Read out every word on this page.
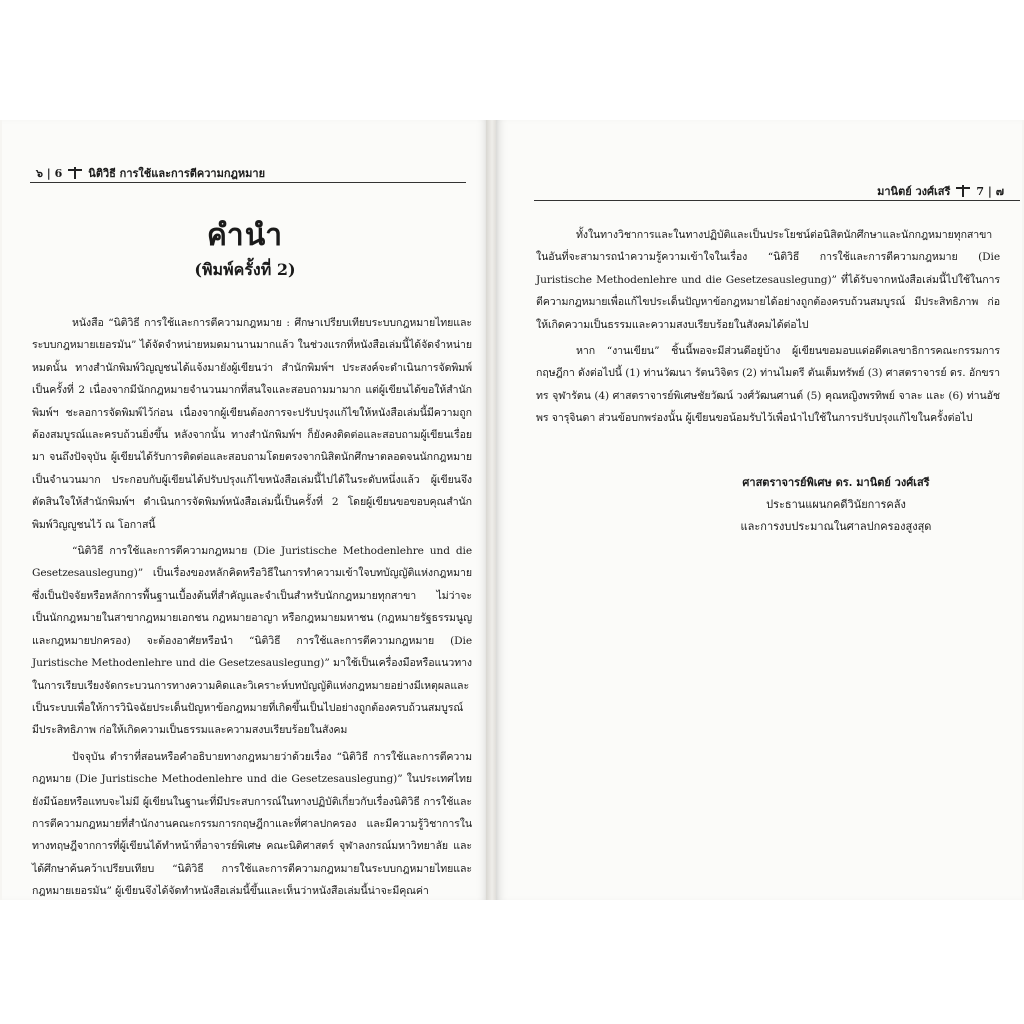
๖ | 6 นิติวิธี การใช้และการตีความกฎหมาย
คำนำ
(พิมพ์ครั้งที่ 2)

หนังสือ “นิติวิธี การใช้และการตีความกฎหมาย : ศึกษาเปรียบเทียบระบบกฎหมายไทยและระบบกฎหมายเยอรมัน” ได้จัดจำหน่ายหมดมานานมากแล้ว ในช่วงแรกที่หนังสือเล่มนี้ได้จัดจำหน่ายหมดนั้น ทางสำนักพิมพ์วิญญูชนได้แจ้งมายังผู้เขียนว่า สำนักพิมพ์ฯ ประสงค์จะดำเนินการจัดพิมพ์เป็นครั้งที่ 2 เนื่องจากมีนักกฎหมายจำนวนมากที่สนใจและสอบถามมามาก แต่ผู้เขียนได้ขอให้สำนักพิมพ์ฯ ชะลอการจัดพิมพ์ไว้ก่อน เนื่องจากผู้เขียนต้องการจะปรับปรุงแก้ไขให้หนังสือเล่มนี้มีความถูกต้องสมบูรณ์และครบถ้วนยิ่งขึ้น หลังจากนั้น ทางสำนักพิมพ์ฯ ก็ยังคงติดต่อและสอบถามผู้เขียนเรื่อยมา จนถึงปัจจุบัน ผู้เขียนได้รับการติดต่อและสอบถามโดยตรงจากนิสิตนักศึกษาตลอดจนนักกฎหมายเป็นจำนวนมาก ประกอบกับผู้เขียนได้ปรับปรุงแก้ไขหนังสือเล่มนี้ไปได้ในระดับหนึ่งแล้ว ผู้เขียนจึงตัดสินใจให้สำนักพิมพ์ฯ ดำเนินการจัดพิมพ์หนังสือเล่มนี้เป็นครั้งที่ 2 โดยผู้เขียนขอขอบคุณสำนักพิมพ์วิญญูชนไว้ ณ โอกาสนี้

“นิติวิธี การใช้และการตีความกฎหมาย (Die Juristische Methodenlehre und die Gesetzesauslegung)” เป็นเรื่องของหลักคิดหรือวิธีในการทำความเข้าใจบทบัญญัติแห่งกฎหมาย ซึ่งเป็นปัจจัยหรือหลักการพื้นฐานเบื้องต้นที่สำคัญและจำเป็นสำหรับนักกฎหมายทุกสาขา ไม่ว่าจะเป็นนักกฎหมายในสาขากฎหมายเอกชน กฎหมายอาญา หรือกฎหมายมหาชน (กฎหมายรัฐธรรมนูญและกฎหมายปกครอง) จะต้องอาศัยหรือนำ “นิติวิธี การใช้และการตีความกฎหมาย (Die Juristische Methodenlehre und die Gesetzesauslegung)” มาใช้เป็นเครื่องมือหรือแนวทางในการเรียบเรียงจัดกระบวนการทางความคิดและวิเคราะห์บทบัญญัติแห่งกฎหมายอย่างมีเหตุผลและเป็นระบบเพื่อให้การวินิจฉัยประเด็นปัญหาข้อกฎหมายที่เกิดขึ้นเป็นไปอย่างถูกต้องครบถ้วนสมบูรณ์ มีประสิทธิภาพ ก่อให้เกิดความเป็นธรรมและความสงบเรียบร้อยในสังคม

ปัจจุบัน ตำราที่สอนหรือคำอธิบายทางกฎหมายว่าด้วยเรื่อง “นิติวิธี การใช้และการตีความกฎหมาย (Die Juristische Methodenlehre und die Gesetzesauslegung)” ในประเทศไทยยังมีน้อยหรือแทบจะไม่มี ผู้เขียนในฐานะที่มีประสบการณ์ในทางปฏิบัติเกี่ยวกับเรื่องนิติวิธี การใช้และการตีความกฎหมายที่สำนักงานคณะกรรมการกฤษฎีกาและที่ศาลปกครอง และมีความรู้วิชาการในทางทฤษฎีจากการที่ผู้เขียนได้ทำหน้าที่อาจารย์พิเศษ คณะนิติศาสตร์ จุฬาลงกรณ์มหาวิทยาลัย และได้ศึกษาค้นคว้าเปรียบเทียบ “นิติวิธี การใช้และการตีความกฎหมายในระบบกฎหมายไทยและกฎหมายเยอรมัน” ผู้เขียนจึงได้จัดทำหนังสือเล่มนี้ขึ้นและเห็นว่าหนังสือเล่มนี้น่าจะมีคุณค่า

มานิตย์ วงศ์เสรี 7 | ๗

ทั้งในทางวิชาการและในทางปฏิบัติและเป็นประโยชน์ต่อนิสิตนักศึกษาและนักกฎหมายทุกสาขา ในอันที่จะสามารถนำความรู้ความเข้าใจในเรื่อง “นิติวิธี การใช้และการตีความกฎหมาย (Die Juristische Methodenlehre und die Gesetzesauslegung)” ที่ได้รับจากหนังสือเล่มนี้ไปใช้ในการตีความกฎหมายเพื่อแก้ไขประเด็นปัญหาข้อกฎหมายได้อย่างถูกต้องครบถ้วนสมบูรณ์ มีประสิทธิภาพ ก่อให้เกิดความเป็นธรรมและความสงบเรียบร้อยในสังคมได้ต่อไป

หาก “งานเขียน” ชิ้นนี้พอจะมีส่วนดีอยู่บ้าง ผู้เขียนขอมอบแด่อดีตเลขาธิการคณะกรรมการกฤษฎีกา ดังต่อไปนี้ (1) ท่านวัฒนา รัตนวิจิตร (2) ท่านไมตรี ตันเต็มทรัพย์ (3) ศาสตราจารย์ ดร. อักขราทร จุฬารัตน (4) ศาสตราจารย์พิเศษชัยวัฒน์ วงศ์วัฒนศานต์ (5) คุณหญิงพรทิพย์ จาละ และ (6) ท่านอัชพร จารุจินดา ส่วนข้อบกพร่องนั้น ผู้เขียนขอน้อมรับไว้เพื่อนำไปใช้ในการปรับปรุงแก้ไขในครั้งต่อไป

ศาสตราจารย์พิเศษ ดร. มานิตย์ วงศ์เสรี
ประธานแผนกคดีวินัยการคลัง
และการงบประมาณในศาลปกครองสูงสุด
